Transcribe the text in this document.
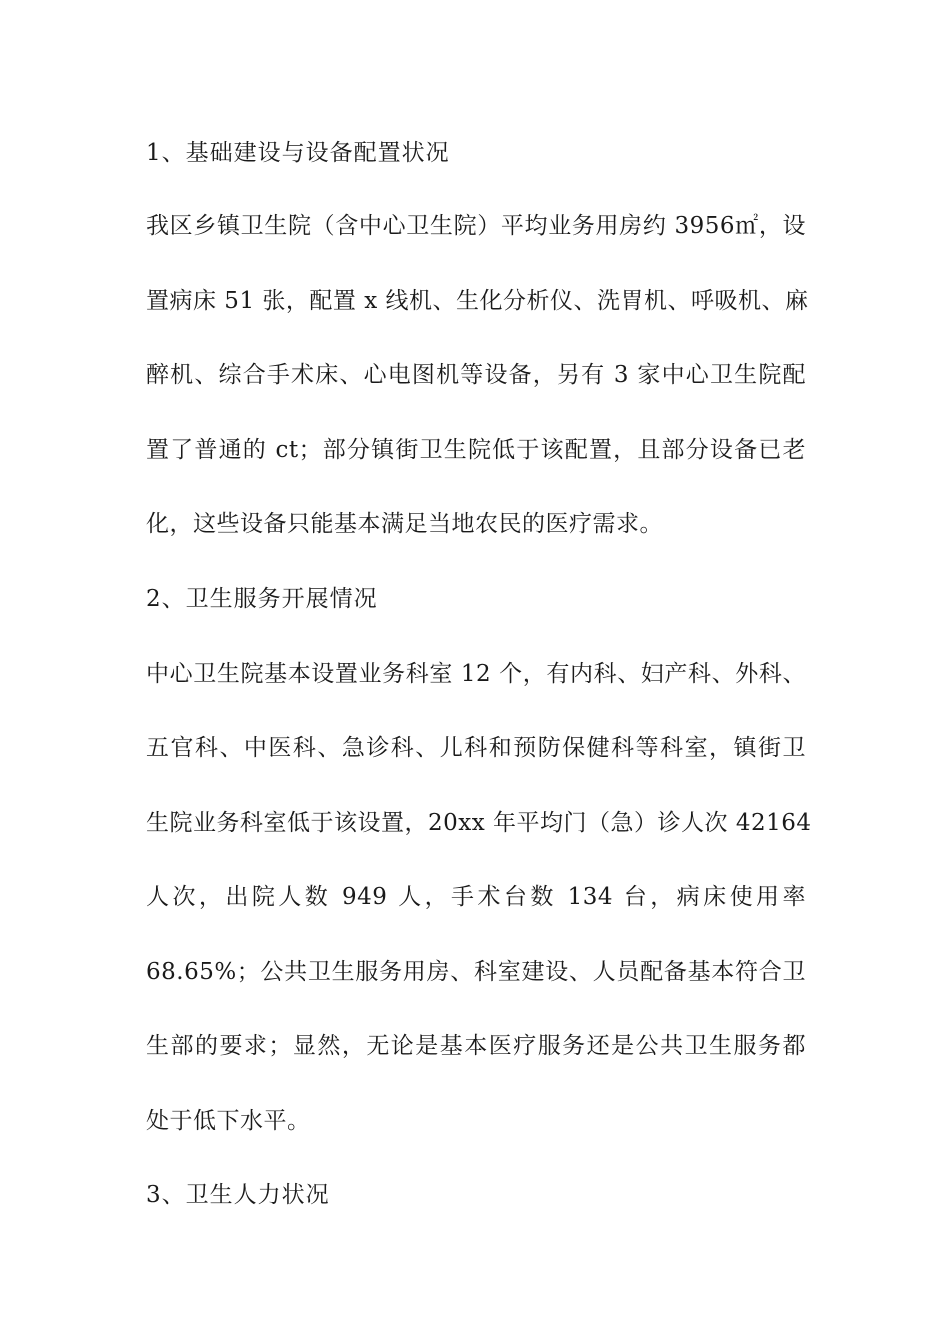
1、基础建设与设备配置状况
我区乡镇卫生院（含中心卫生院）平均业务用房约 3956㎡，设
置病床 51 张，配置 x 线机、生化分析仪、洗胃机、呼吸机、麻
醉机、综合手术床、心电图机等设备，另有 3 家中心卫生院配
置了普通的 ct；部分镇街卫生院低于该配置，且部分设备已老
化，这些设备只能基本满足当地农民的医疗需求。
2、卫生服务开展情况
中心卫生院基本设置业务科室 12 个，有内科、妇产科、外科、
五官科、中医科、急诊科、儿科和预防保健科等科室，镇街卫
生院业务科室低于该设置，20xx 年平均门（急）诊人次 42164
人次，出院人数 949 人，手术台数 134 台，病床使用率
68.65%；公共卫生服务用房、科室建设、人员配备基本符合卫
生部的要求；显然，无论是基本医疗服务还是公共卫生服务都
处于低下水平。
3、卫生人力状况
